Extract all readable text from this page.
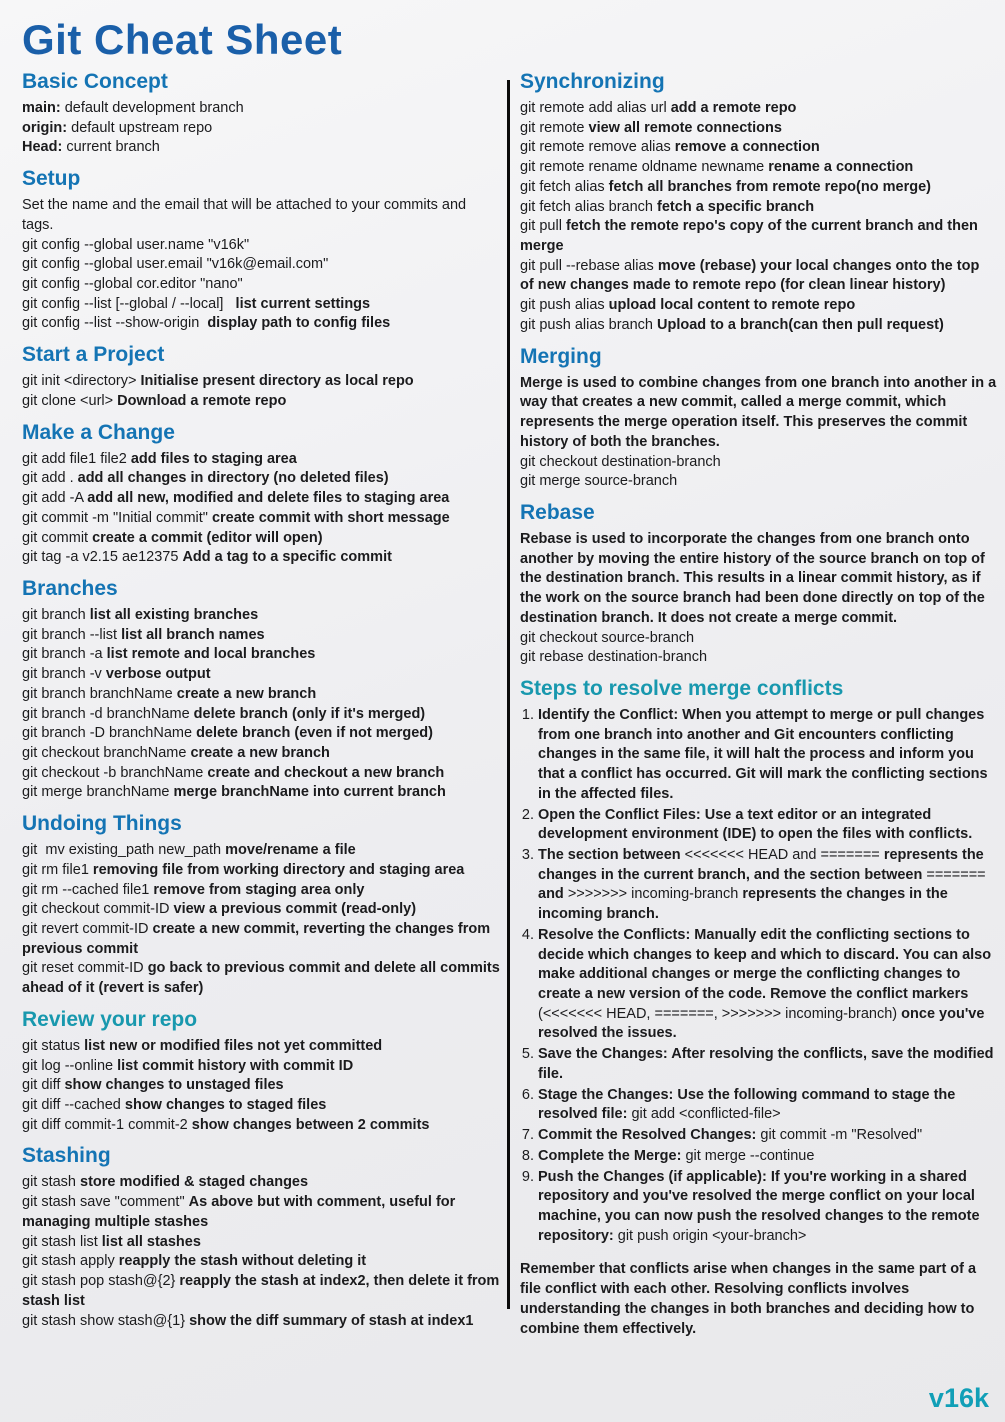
Git Cheat Sheet
Basic Concept

main: default development branch

origin: default upstream repo

Head: current branch

Setup

Set the name and the email that will be attached to your commits and tags.

git config --global user.name "v16k"

git config --global user.email "v16k@email.com"

git config --global cor.editor "nano"

git config --list [--global / --local]   list current settings

git config --list --show-origin  display path to config files

Start a Project

git init <directory> Initialise present directory as local repo

git clone <url> Download a remote repo

Make a Change

git add file1 file2 add files to staging area

git add . add all changes in directory (no deleted files)

git add -A add all new, modified and delete files to staging area

git commit -m "Initial commit" create commit with short message

git commit create a commit (editor will open)

git tag -a v2.15 ae12375 Add a tag to a specific commit

Branches

git branch list all existing branches

git branch --list list all branch names

git branch -a list remote and local branches

git branch -v verbose output

git branch branchName create a new branch

git branch -d branchName delete branch (only if it's merged)

git branch -D branchName delete branch (even if not merged)

git checkout branchName create a new branch

git checkout -b branchName create and checkout a new branch

git merge branchName merge branchName into current branch

Undoing Things

git  mv existing_path new_path move/rename a file

git rm file1 removing file from working directory and staging area

git rm --cached file1 remove from staging area only

git checkout commit-ID view a previous commit (read-only)

git revert commit-ID create a new commit, reverting the changes from previous commit

git reset commit-ID go back to previous commit and delete all commits ahead of it (revert is safer)

Review your repo

git status list new or modified files not yet committed

git log --online list commit history with commit ID

git diff show changes to unstaged files

git diff --cached show changes to staged files

git diff commit-1 commit-2 show changes between 2 commits

Stashing

git stash store modified & staged changes

git stash save "comment" As above but with comment, useful for managing multiple stashes

git stash list list all stashes

git stash apply reapply the stash without deleting it

git stash pop stash@{2} reapply the stash at index2, then delete it from stash list

git stash show stash@{1} show the diff summary of stash at index1

Synchronizing

git remote add alias url add a remote repo

git remote view all remote connections

git remote remove alias remove a connection

git remote rename oldname newname rename a connection

git fetch alias fetch all branches from remote repo(no merge)

git fetch alias branch fetch a specific branch

git pull fetch the remote repo's copy of the current branch and then merge

git pull --rebase alias move (rebase) your local changes onto the top of new changes made to remote repo (for clean linear history)

git push alias upload local content to remote repo

git push alias branch Upload to a branch(can then pull request)

Merging

Merge is used to combine changes from one branch into another in a way that creates a new commit, called a merge commit, which represents the merge operation itself. This preserves the commit history of both the branches.

git checkout destination-branch

git merge source-branch

Rebase

Rebase is used to incorporate the changes from one branch onto another by moving the entire history of the source branch on top of the destination branch. This results in a linear commit history, as if the work on the source branch had been done directly on top of the destination branch. It does not create a merge commit.

git checkout source-branch

git rebase destination-branch

Steps to resolve merge conflicts
1. Identify the Conflict: When you attempt to merge or pull changes from one branch into another and Git encounters conflicting changes in the same file, it will halt the process and inform you that a conflict has occurred. Git will mark the conflicting sections in the affected files.
2. Open the Conflict Files: Use a text editor or an integrated development environment (IDE) to open the files with conflicts.
3. The section between <<<<<<< HEAD and ======= represents the changes in the current branch, and the section between ======= and >>>>>>> incoming-branch represents the changes in the incoming branch.
4. Resolve the Conflicts: Manually edit the conflicting sections to decide which changes to keep and which to discard. You can also make additional changes or merge the conflicting changes to create a new version of the code. Remove the conflict markers (<<<<<<< HEAD, =======, >>>>>>> incoming-branch) once you've resolved the issues.
5. Save the Changes: After resolving the conflicts, save the modified file.
6. Stage the Changes: Use the following command to stage the resolved file: git add <conflicted-file>
7. Commit the Resolved Changes: git commit -m "Resolved"
8. Complete the Merge: git merge --continue
9. Push the Changes (if applicable): If you're working in a shared repository and you've resolved the merge conflict on your local machine, you can now push the resolved changes to the remote repository: git push origin <your-branch>

Remember that conflicts arise when changes in the same part of a file conflict with each other. Resolving conflicts involves understanding the changes in both branches and deciding how to combine them effectively.

v16k
